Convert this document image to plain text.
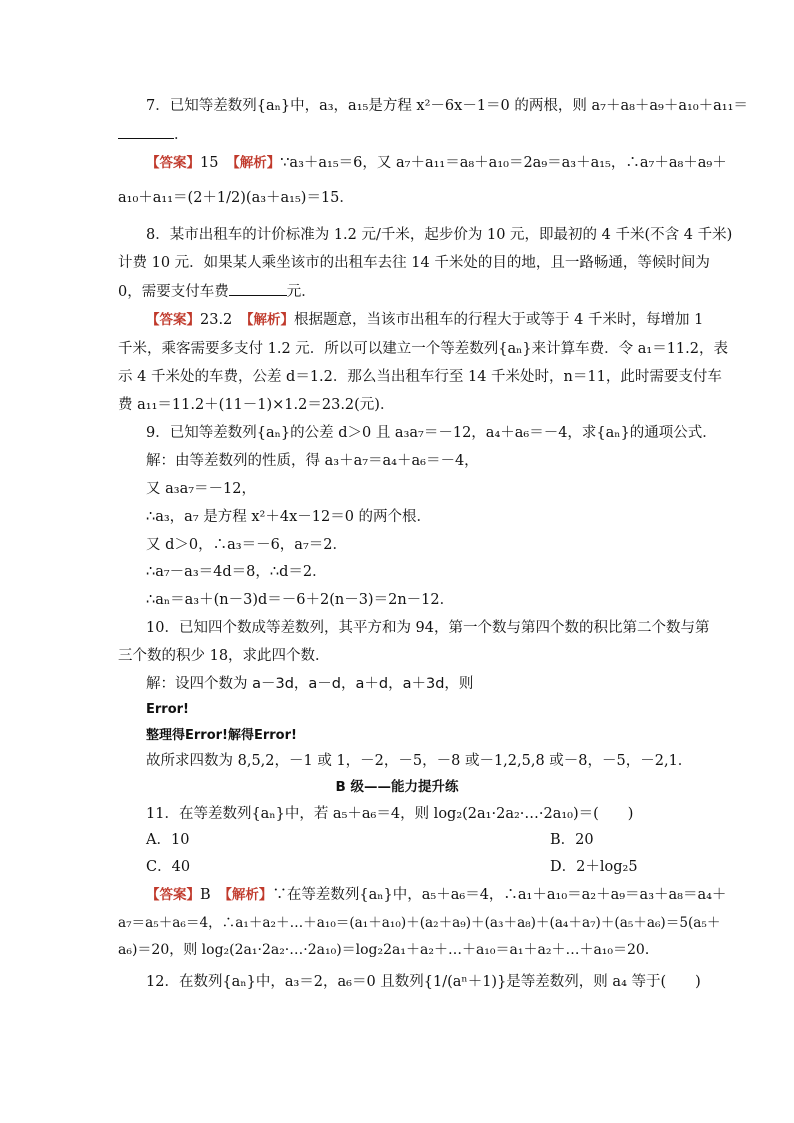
7．已知等差数列{aₙ}中，a₃，a₁₅是方程 x²－6x－1＝0 的两根，则 a₇＋a₈＋a₉＋a₁₀＋a₁₁＝
．
【答案】15　 【解析】∵a₃＋a₁₅＝6，又 a₇＋a₁₁＝a₈＋a₁₀＝2a₉＝a₃＋a₁₅，∴a₇＋a₈＋a₉＋
a₁₀＋a₁₁＝(2＋1/2)(a₃＋a₁₅)＝15．
8．某市出租车的计价标准为 1.2 元/千米，起步价为 10 元，即最初的 4 千米(不含 4 千米)
计费 10 元．如果某人乘坐该市的出租车去往 14 千米处的目的地，且一路畅通，等候时间为
0，需要支付车费	元．
【答案】23.2　 【解析】根据题意，当该市出租车的行程大于或等于 4 千米时，每增加 1
千米，乘客需要多支付 1.2 元．所以可以建立一个等差数列{aₙ}来计算车费．令 a₁＝11.2，表
示 4 千米处的车费，公差 d＝1.2．那么当出租车行至 14 千米处时，n＝11，此时需要支付车
费 a₁₁＝11.2＋(11－1)×1.2＝23.2(元)．
9．已知等差数列{aₙ}的公差 d＞0 且 a₃a₇＝－12，a₄＋a₆＝－4，求{aₙ}的通项公式．
解：由等差数列的性质，得 a₃＋a₇＝a₄＋a₆＝－4，
又 a₃a₇＝－12，
∴a₃，a₇ 是方程 x²＋4x－12＝0 的两个根．
又 d＞0，∴a₃＝－6，a₇＝2．
∴a₇－a₃＝4d＝8，∴d＝2．
∴aₙ＝a₃＋(n－3)d＝－6＋2(n－3)＝2n－12．
10．已知四个数成等差数列，其平方和为 94，第一个数与第四个数的积比第二个数与第
三个数的积少 18，求此四个数．
解：设四个数为 a－3d，a－d，a＋d，a＋3d，则
Error!
整理得Error!解得Error!
故所求四数为 8,5,2，－1 或 1，－2，－5，－8 或－1,2,5,8 或－8，－5，－2,1．
B 级——能力提升练
11．在等差数列{aₙ}中，若 a₅＋a₆＝4，则 log₂(2a₁·2a₂·…·2a₁₀)＝(　　)
A．10	B．20
C．40	D．2＋log₂5
【答案】B　 【解析】∵在等差数列{aₙ}中，a₅＋a₆＝4，∴a₁＋a₁₀＝a₂＋a₉＝a₃＋a₈＝a₄＋
a₇＝a₅＋a₆＝4，∴a₁＋a₂＋…＋a₁₀＝(a₁＋a₁₀)＋(a₂＋a₉)＋(a₃＋a₈)＋(a₄＋a₇)＋(a₅＋a₆)＝5(a₅＋
a₆)＝20，则 log₂(2a₁·2a₂·…·2a₁₀)＝log₂2a₁＋a₂＋…＋a₁₀＝a₁＋a₂＋…＋a₁₀＝20．
12．在数列{aₙ}中，a₃＝2，a₆＝0 且数列{1/(aⁿ＋1)}是等差数列，则 a₄ 等于(　　)
